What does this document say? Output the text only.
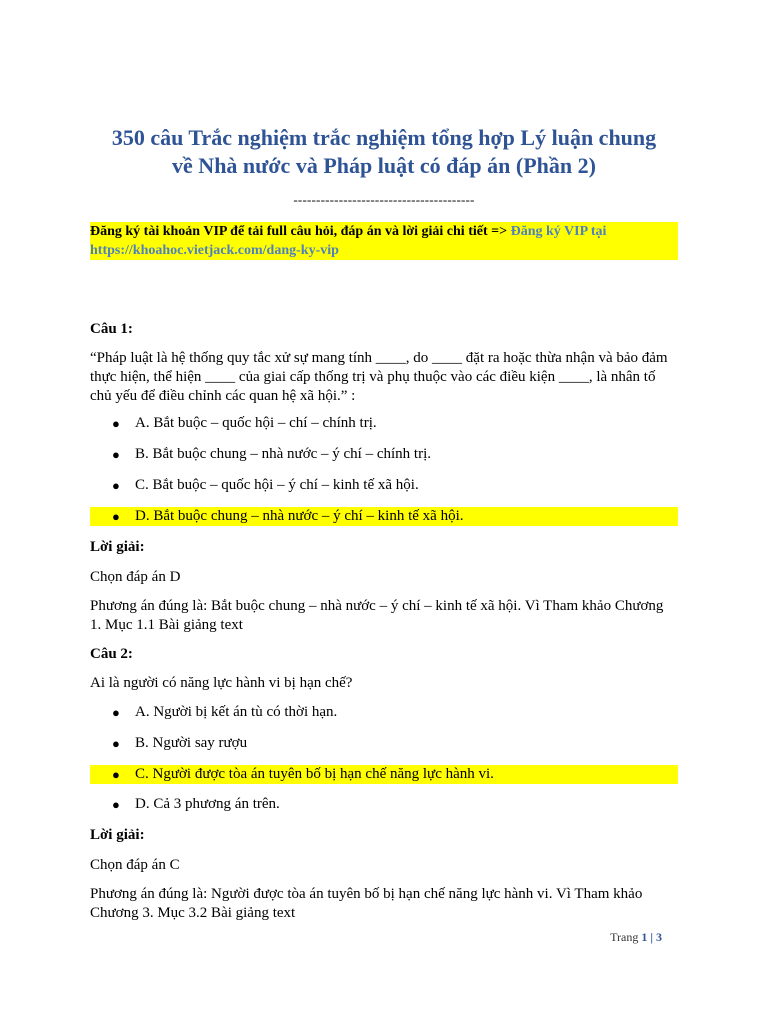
350 câu Trắc nghiệm trắc nghiệm tổng hợp Lý luận chung
về Nhà nước và Pháp luật có đáp án (Phần 2)
----------------------------------------
Đăng ký tài khoản VIP để tải full câu hỏi, đáp án và lời giải chi tiết => Đăng ký VIP tại https://khoahoc.vietjack.com/dang-ky-vip
Câu 1:
“Pháp luật là hệ thống quy tắc xử sự mang tính ____, do ____ đặt ra hoặc thừa nhận và bảo đảm thực hiện, thể hiện ____ của giai cấp thống trị và phụ thuộc vào các điều kiện ____, là nhân tố chủ yếu để điều chỉnh các quan hệ xã hội.” :
● A. Bắt buộc – quốc hội – chí – chính trị.
● B. Bắt buộc chung – nhà nước – ý chí – chính trị.
● C. Bắt buộc – quốc hội – ý chí – kinh tế xã hội.
● D. Bắt buộc chung – nhà nước – ý chí – kinh tế xã hội.
Lời giải:
Chọn đáp án D
Phương án đúng là: Bắt buộc chung – nhà nước – ý chí – kinh tế xã hội. Vì Tham khảo Chương 1. Mục 1.1 Bài giảng text
Câu 2:
Ai là người có năng lực hành vi bị hạn chế?
● A. Người bị kết án tù có thời hạn.
● B. Người say rượu
● C. Người được tòa án tuyên bố bị hạn chế năng lực hành vi.
● D. Cả 3 phương án trên.
Lời giải:
Chọn đáp án C
Phương án đúng là: Người được tòa án tuyên bố bị hạn chế năng lực hành vi. Vì Tham khảo Chương 3. Mục 3.2 Bài giảng text
Trang 1 | 3
